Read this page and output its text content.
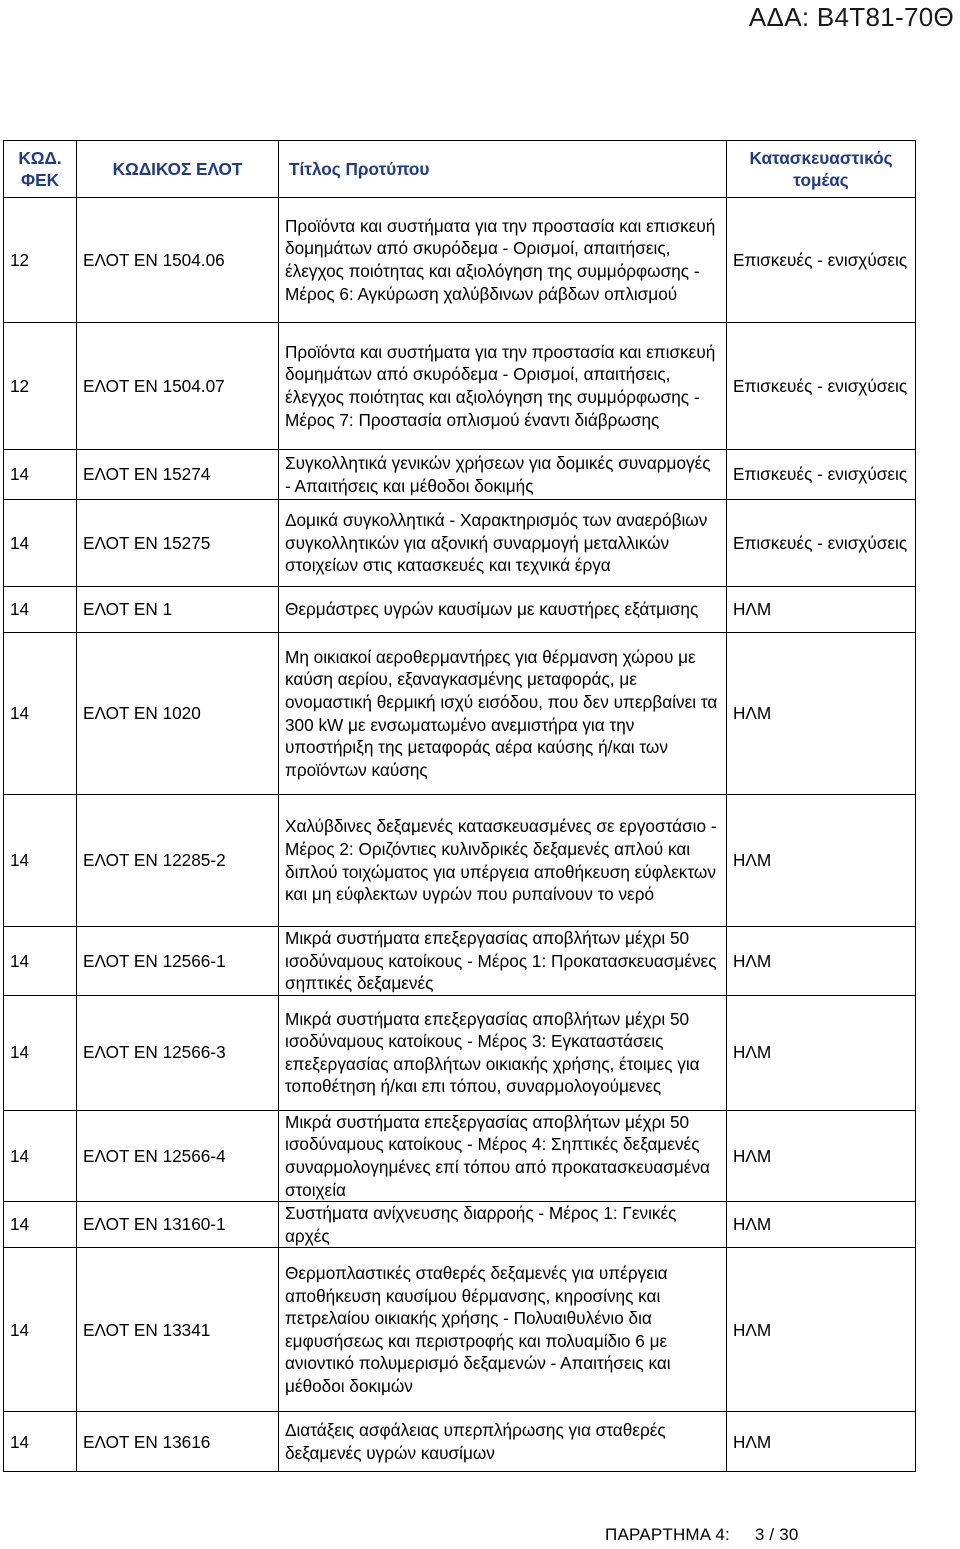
ΑΔΑ: Β4Τ81-70Θ
ΚΩΔ. ΦΕΚ	ΚΩΔΙΚΟΣ ΕΛΟΤ	Τίτλος Προτύπου	Κατασκευαστικός τομέας
12	ΕΛΟΤ ΕΝ 1504.06	Προϊόντα και συστήματα για την προστασία και επισκευή δομημάτων από σκυρόδεμα - Ορισμοί, απαιτήσεις, έλεγχος ποιότητας και αξιολόγηση της συμμόρφωσης - Μέρος 6: Αγκύρωση χαλύβδινων ράβδων οπλισμού	Επισκευές - ενισχύσεις
12	ΕΛΟΤ ΕΝ 1504.07	Προϊόντα και συστήματα για την προστασία και επισκευή δομημάτων από σκυρόδεμα - Ορισμοί, απαιτήσεις, έλεγχος ποιότητας και αξιολόγηση της συμμόρφωσης - Μέρος 7: Προστασία οπλισμού έναντι διάβρωσης	Επισκευές - ενισχύσεις
14	ΕΛΟΤ ΕΝ 15274	Συγκολλητικά γενικών χρήσεων για δομικές συναρμογές - Απαιτήσεις και μέθοδοι δοκιμής	Επισκευές - ενισχύσεις
14	ΕΛΟΤ ΕΝ 15275	Δομικά συγκολλητικά - Χαρακτηρισμός των αναερόβιων συγκολλητικών για αξονική συναρμογή μεταλλικών στοιχείων στις κατασκευές και τεχνικά έργα	Επισκευές - ενισχύσεις
14	ΕΛΟΤ ΕΝ 1	Θερμάστρες υγρών καυσίμων με καυστήρες εξάτμισης	ΗΛΜ
14	ΕΛΟΤ ΕΝ 1020	Μη οικιακοί αεροθερμαντήρες για θέρμανση χώρου με καύση αερίου, εξαναγκασμένης μεταφοράς, με ονομαστική θερμική ισχύ εισόδου, που δεν υπερβαίνει τα 300 kW με ενσωματωμένο ανεμιστήρα για την υποστήριξη της μεταφοράς αέρα καύσης ή/και των προϊόντων καύσης	ΗΛΜ
14	ΕΛΟΤ ΕΝ 12285-2	Χαλύβδινες δεξαμενές κατασκευασμένες σε εργοστάσιο - Μέρος 2: Οριζόντιες κυλινδρικές δεξαμενές απλού και διπλού τοιχώματος για υπέργεια αποθήκευση εύφλεκτων και μη εύφλεκτων υγρών που ρυπαίνουν το νερό	ΗΛΜ
14	ΕΛΟΤ ΕΝ 12566-1	Μικρά συστήματα επεξεργασίας αποβλήτων μέχρι 50 ισοδύναμους κατοίκους - Μέρος 1: Προκατασκευασμένες σηπτικές δεξαμενές	ΗΛΜ
14	ΕΛΟΤ ΕΝ 12566-3	Μικρά συστήματα επεξεργασίας αποβλήτων μέχρι 50 ισοδύναμους κατοίκους - Μέρος 3: Εγκαταστάσεις επεξεργασίας αποβλήτων οικιακής χρήσης, έτοιμες για τοποθέτηση ή/και επι τόπου, συναρμολογούμενες	ΗΛΜ
14	ΕΛΟΤ ΕΝ 12566-4	Μικρά συστήματα επεξεργασίας αποβλήτων μέχρι 50 ισοδύναμους κατοίκους - Μέρος 4: Σηπτικές δεξαμενές συναρμολογημένες επί τόπου από προκατασκευασμένα στοιχεία	ΗΛΜ
14	ΕΛΟΤ ΕΝ 13160-1	Συστήματα ανίχνευσης διαρροής - Μέρος 1: Γενικές αρχές	ΗΛΜ
14	ΕΛΟΤ ΕΝ 13341	Θερμοπλαστικές σταθερές δεξαμενές για υπέργεια αποθήκευση καυσίμου θέρμανσης, κηροσίνης και πετρελαίου οικιακής χρήσης - Πολυαιθυλένιο δια εμφυσήσεως και περιστροφής και πολυαμίδιο 6 με ανιοντικό πολυμερισμό δεξαμενών - Απαιτήσεις και μέθοδοι δοκιμών	ΗΛΜ
14	ΕΛΟΤ ΕΝ 13616	Διατάξεις ασφάλειας υπερπλήρωσης για σταθερές δεξαμενές υγρών καυσίμων	ΗΛΜ
ΠΑΡΑΡΤΗΜΑ 4: 3 / 30
